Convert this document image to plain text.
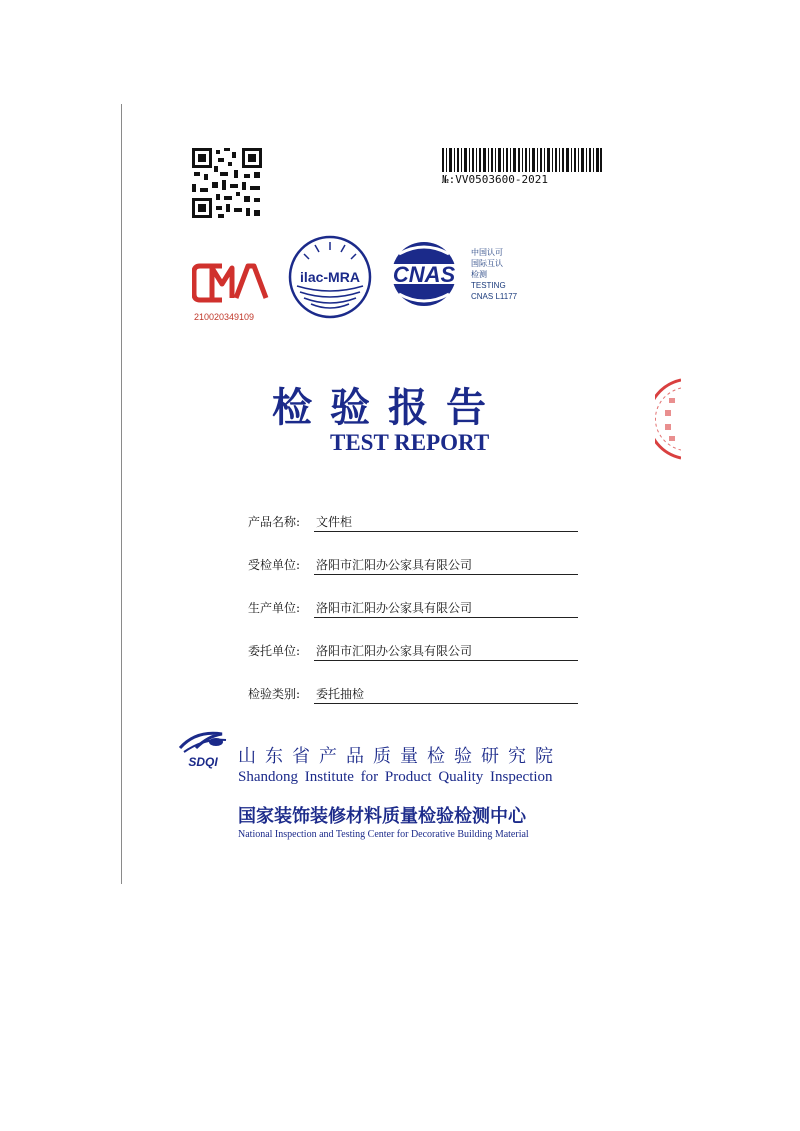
№:VV0503600-2021
210020349109
ilac-MRA CNAS
中国认可
国际互认
检测
TESTING
CNAS L1177
检验报告
TEST REPORT
产品名称: 文件柜
受检单位: 洛阳市汇阳办公家具有限公司
生产单位: 洛阳市汇阳办公家具有限公司
委托单位: 洛阳市汇阳办公家具有限公司
检验类别: 委托抽检
SDQI 山东省产品质量检验研究院
Shandong Institute for Product Quality Inspection
国家装饰装修材料质量检验检测中心
National Inspection and Testing Center for Decorative Building Material
